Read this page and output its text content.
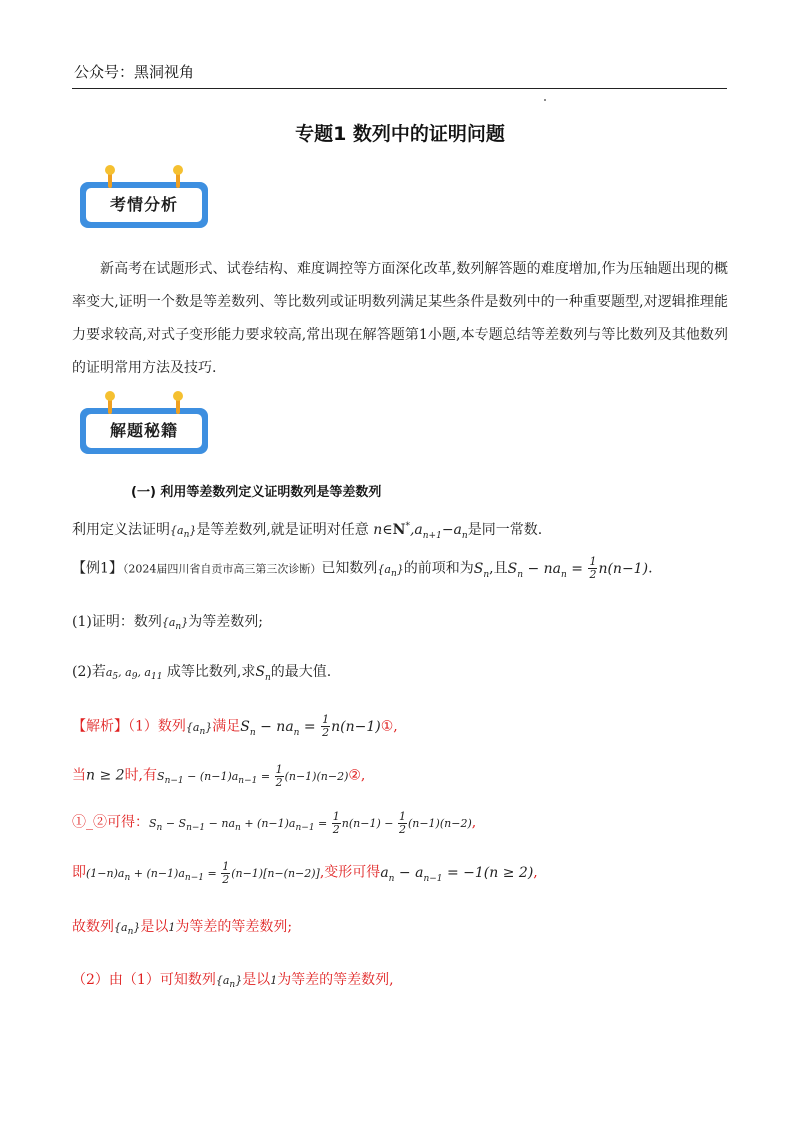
公众号：黑洞视角
专题1 数列中的证明问题
考情分析
新高考在试题形式、试卷结构、难度调控等方面深化改革,数列解答题的难度增加,作为压轴题出现的概率变大,证明一个数是等差数列、等比数列或证明数列满足某些条件是数列中的一种重要题型,对逻辑推理能力要求较高,对式子变形能力要求较高,常出现在解答题第1小题,本专题总结等差数列与等比数列及其他数列的证明常用方法及技巧.
解题秘籍
(一) 利用等差数列定义证明数列是等差数列
利用定义法证明$\{a_n\}$是等差数列,就是证明对任意 $n\in N^*,a_{n+1}-a_n$是同一常数.
【例1】（2024届四川省自贡市高三第三次诊断）已知数列$\{a_n\}$的前项和为$S_n$,且$S_n - na_n = \frac{1}{2} n(n-1)$.
(1)证明：数列$\{a_n\}$为等差数列;
(2)若$a_5$, $a_9$, $a_{11}$ 成等比数列,求$S_n$的最大值.
【解析】（1）数列$\{a_n\}$满足$S_n - na_n = \frac{1}{2}$ n(n−1)①,
当n ≥ 2时,有$S_{n-1} - (n-1)a_{n-1} = \frac{1}{2}$ (n−1)(n−2)②,
①_②可得：$S_n - S_{n-1} - na_n + (n-1)a_{n-1} = \frac{1}{2} n(n-1) - \frac{1}{2} (n-1)(n-2)$,
即$(1-n)a_n + (n-1)a_{n-1} = \frac{1}{2} (n-1)[n-(n-2)]$,变形可得$a_n - a_{n-1} = -1(n \ge 2)$,
故数列$\{a_n\}$是以1为等差的等差数列;
（2）由（1）可知数列$\{a_n\}$是以1为等差的等差数列,
